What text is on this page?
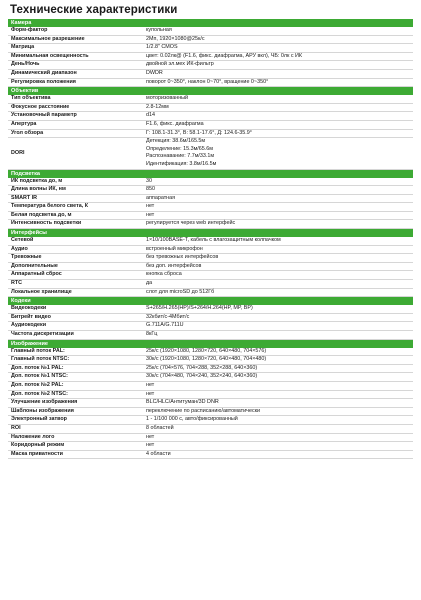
Технические характеристики
Камера
Форм-фактор	купольная
Максимальное разрешение	2Мп, 1920×1080@25к/с
Матрица	1/2.8" CMOS
Минимальная освещенность	цвет: 0.02лк@ (F1.6, фикс. диафрагма, АРУ вкл), ЧБ: 0лк с ИК
День/Ночь	двойной эл.мех ИК-фильтр
Динамический диапазон	DWDR
Регулировка положения	поворот 0~350°, наклон 0~70°, вращение 0~350°
Объектив
Тип объектива	моторизованный
Фокусное расстояние	2.8-12мм
Установочный параметр	d14
Апертура	F1.6, фикс. диафрагма
Угол обзора	Г: 108.1-31.3°, В: 58.1-17.6°, Д: 124.6-35.9°
DORI
Детекция: 38.6м/165.5м
Определение: 15.3м/65.6м
Распознавание: 7.7м/33.1м
Идентификация: 3.8м/16.5м
Подсветка
ИК подсветка до, м	30
Длина волны ИК, нм	850
SMART IR	аппаратная
Температура белого света, К	нет
Белая подсветка до, м	нет
Интенсивность подсветки	регулируется через web интерфейс
Интерфейсы
Сетевой	1×10/100BASE-T, кабель с влагозащитным колпачком
Аудио	встроенный микрофон
Тревожные	без тревожных интерфейсов
Дополнительные	без доп. интерфейсов
Аппаратный сброс	кнопка сброса
RTC	да
Локальное хранилище	слот для microSD до 512Гб
Кодеки
Видеокодеки	S+265/H.265(HP)/S+264/H.264(HP, MP, BP)
Битрейт видео	32кбит/с-4Мбит/с
Аудиокодеки	G.711A/G.711U
Частота дискретизации	8кГц
Изображение
Главный поток PAL:	25к/с (1920×1080, 1280×720, 640×480, 704×576)
Главный поток NTSC:	30к/с (1920×1080, 1280×720, 640×480, 704×480)
Доп. поток №1 PAL:	25к/с (704×576, 704×288, 352×288, 640×360)
Доп. поток №1 NTSC:	30к/с (704×480, 704×240, 352×240, 640×360)
Доп. поток №2 PAL:	нет
Доп. поток №2 NTSC:	нет
Улучшение изображения	BLC/HLC/Антитуман/3D DNR
Шаблоны изображения	переключение по расписанию/автоматически
Электронный затвор	1 - 1/100 000 с, авто/фиксированный
ROI	8 областей
Наложение лого	нет
Коридорный режим	нет
Маска приватности	4 области
